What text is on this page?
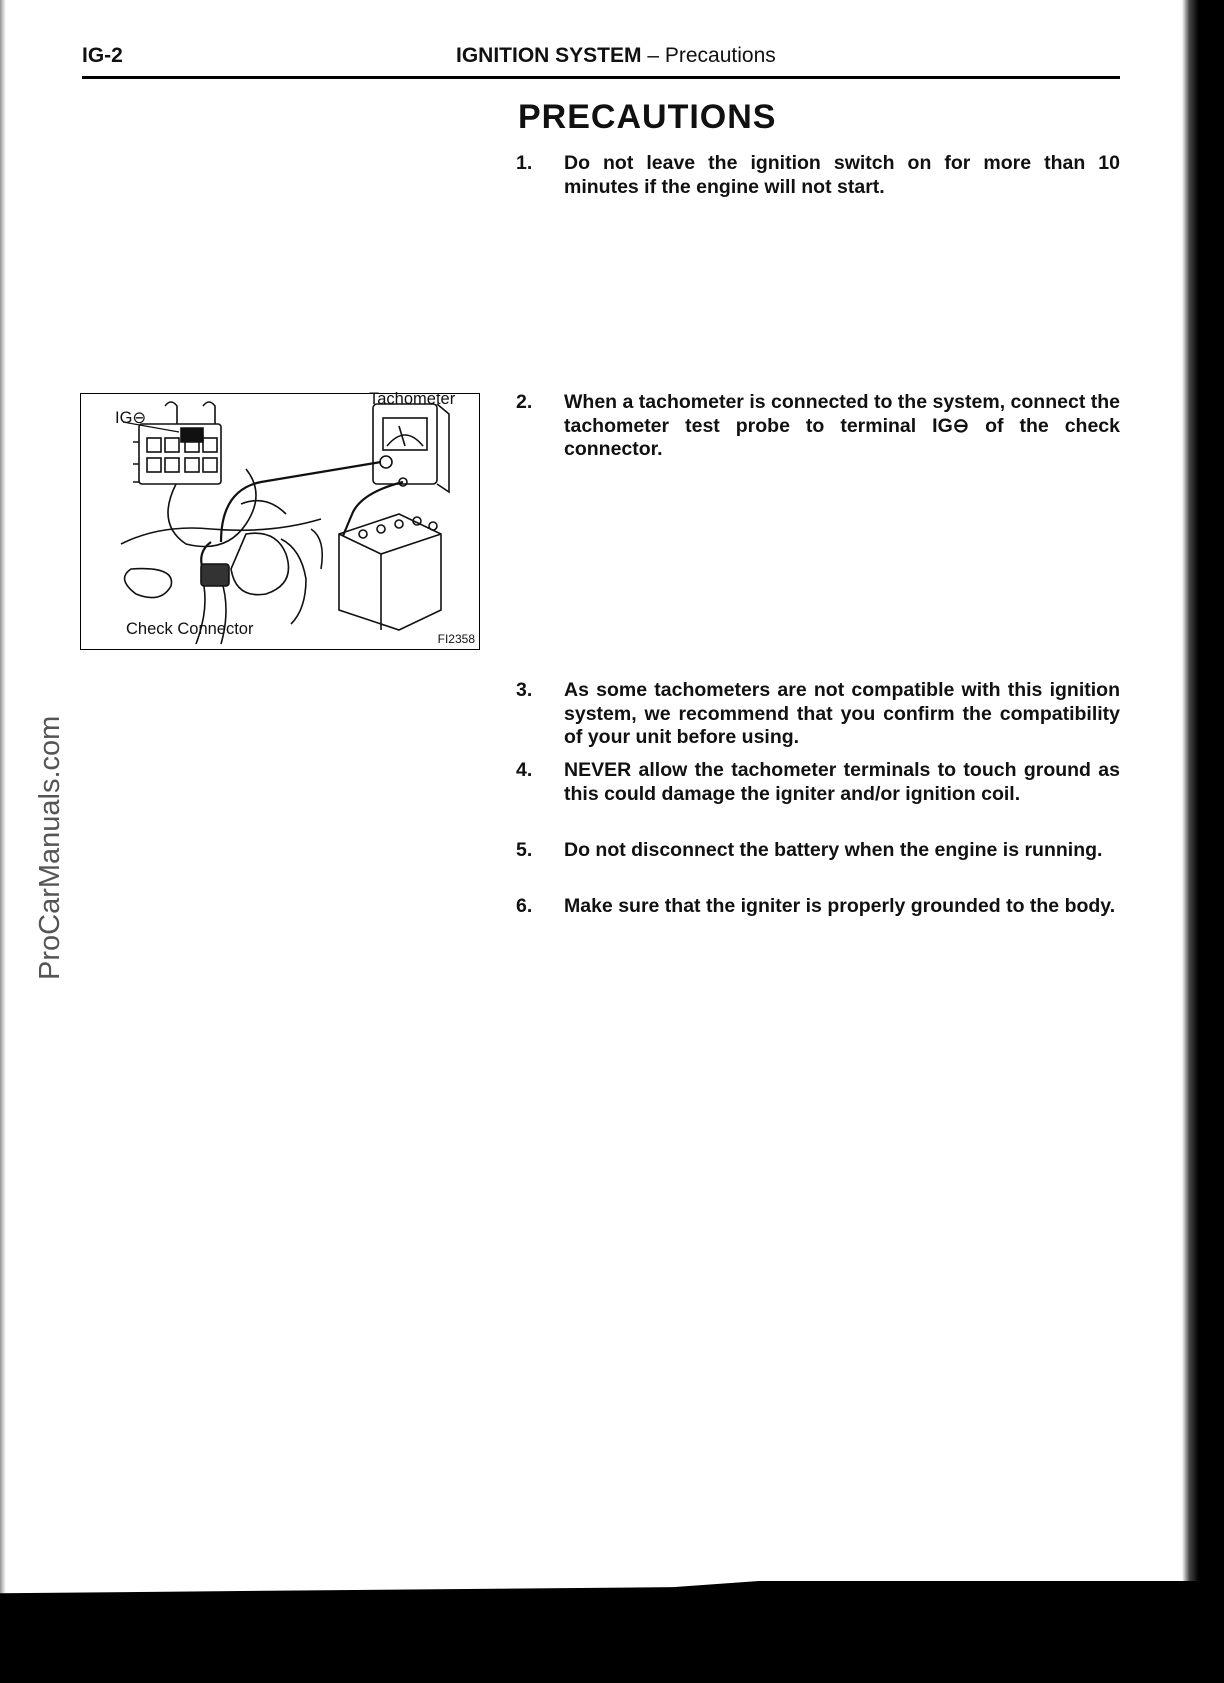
IG-2	IGNITION SYSTEM – Precautions
PRECAUTIONS
1.	Do not leave the ignition switch on for more than 10 minutes if the engine will not start.
2.	When a tachometer is connected to the system, connect the tachometer test probe to terminal IG⊖ of the check connector.
3.	As some tachometers are not compatible with this ignition system, we recommend that you confirm the compatibility of your unit before using.
4.	NEVER allow the tachometer terminals to touch ground as this could damage the igniter and/or ignition coil.
5.	Do not disconnect the battery when the engine is running.
6.	Make sure that the igniter is properly grounded to the body.
IG⊖
Tachometer
Check Connector
FI2358
ProCarManuals.com
